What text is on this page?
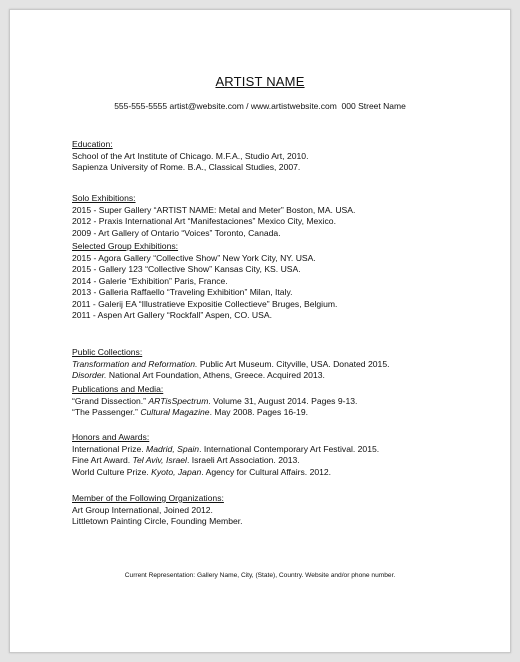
ARTIST NAME
555-555-5555 artist@website.com / www.artistwebsite.com  000 Street Name
Education:
School of the Art Institute of Chicago. M.F.A., Studio Art, 2010.
Sapienza University of Rome. B.A., Classical Studies, 2007.
Solo Exhibitions:
2015 - Super Gallery “ARTIST NAME: Metal and Meter” Boston, MA. USA.
2012 - Praxis International Art “Manifestaciones” Mexico City, Mexico.
2009 - Art Gallery of Ontario “Voices” Toronto, Canada.
Selected Group Exhibitions:
2015 - Agora Gallery “Collective Show” New York City, NY. USA.
2015 - Gallery 123 “Collective Show” Kansas City, KS. USA.
2014 - Galerie “Exhibition” Paris, France.
2013 - Galleria Raffaello “Traveling Exhibition” Milan, Italy.
2011 - Galerij EA “Illustratieve Expositie Collectieve” Bruges, Belgium.
2011 - Aspen Art Gallery “Rockfall” Aspen, CO. USA.
Public Collections:
Transformation and Reformation. Public Art Museum. Cityville, USA. Donated 2015.
Disorder. National Art Foundation, Athens, Greece. Acquired 2013.
Publications and Media:
“Grand Dissection.” ARTisSpectrum. Volume 31, August 2014. Pages 9-13.
“The Passenger.” Cultural Magazine. May 2008. Pages 16-19.
Honors and Awards:
International Prize. Madrid, Spain. International Contemporary Art Festival. 2015.
Fine Art Award. Tel Aviv, Israel. Israeli Art Association. 2013.
World Culture Prize. Kyoto, Japan. Agency for Cultural Affairs. 2012.
Member of the Following Organizations:
Art Group International, Joined 2012.
Littletown Painting Circle, Founding Member.
Current Representation: Gallery Name, City, (State), Country. Website and/or phone number.
